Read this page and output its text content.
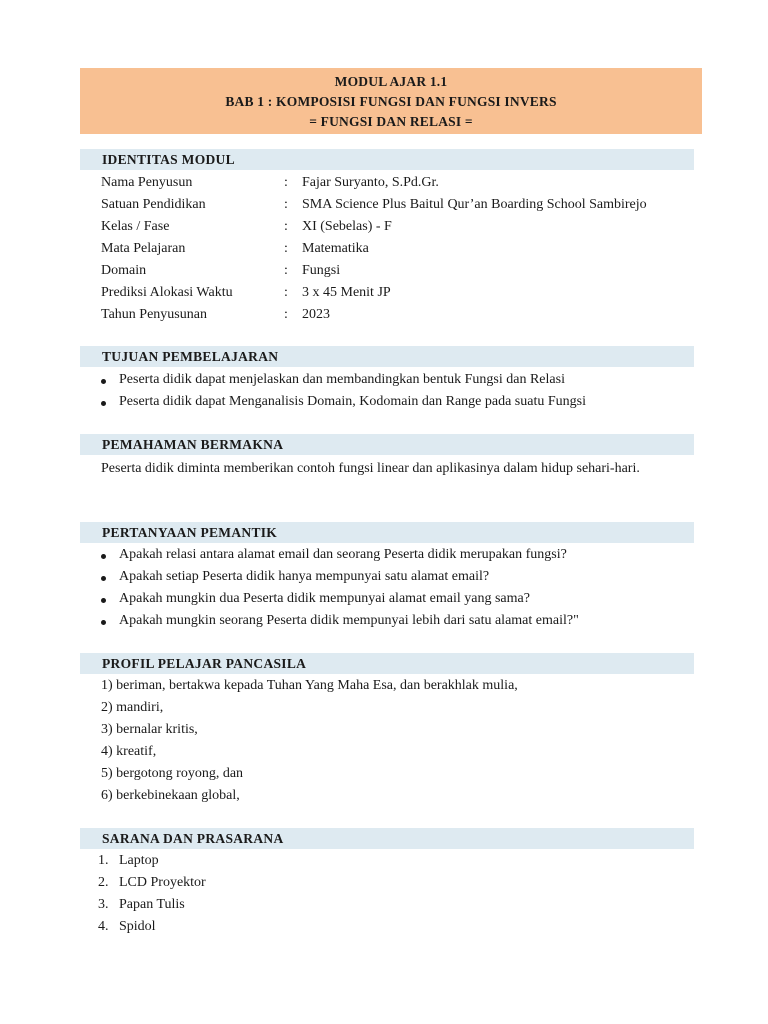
MODUL AJAR 1.1
BAB 1 : KOMPOSISI FUNGSI DAN FUNGSI INVERS
= FUNGSI DAN RELASI =
IDENTITAS MODUL
Nama Penyusun	: Fajar Suryanto, S.Pd.Gr.
Satuan Pendidikan	: SMA Science Plus Baitul Qur’an Boarding School Sambirejo
Kelas / Fase	: XI (Sebelas) - F
Mata Pelajaran	: Matematika
Domain	: Fungsi
Prediksi Alokasi Waktu	: 3 x 45 Menit JP
Tahun Penyusunan	: 2023
TUJUAN PEMBELAJARAN
Peserta didik dapat menjelaskan dan membandingkan bentuk Fungsi dan Relasi
Peserta didik dapat Menganalisis Domain, Kodomain dan Range pada suatu Fungsi
PEMAHAMAN BERMAKNA
Peserta didik diminta memberikan contoh fungsi linear dan aplikasinya dalam hidup sehari-hari.
PERTANYAAN PEMANTIK
Apakah relasi antara alamat email dan seorang Peserta didik merupakan fungsi?
Apakah setiap Peserta didik hanya mempunyai satu alamat email?
Apakah mungkin dua Peserta didik mempunyai alamat email yang sama?
Apakah mungkin seorang Peserta didik mempunyai lebih dari satu alamat email?"
PROFIL PELAJAR PANCASILA
1) beriman, bertakwa kepada Tuhan Yang Maha Esa, dan berakhlak mulia,
2) mandiri,
3) bernalar kritis,
4) kreatif,
5) bergotong royong, dan
6) berkebinekaan global,
SARANA DAN PRASARANA
1. Laptop
2. LCD Proyektor
3. Papan Tulis
4. Spidol
